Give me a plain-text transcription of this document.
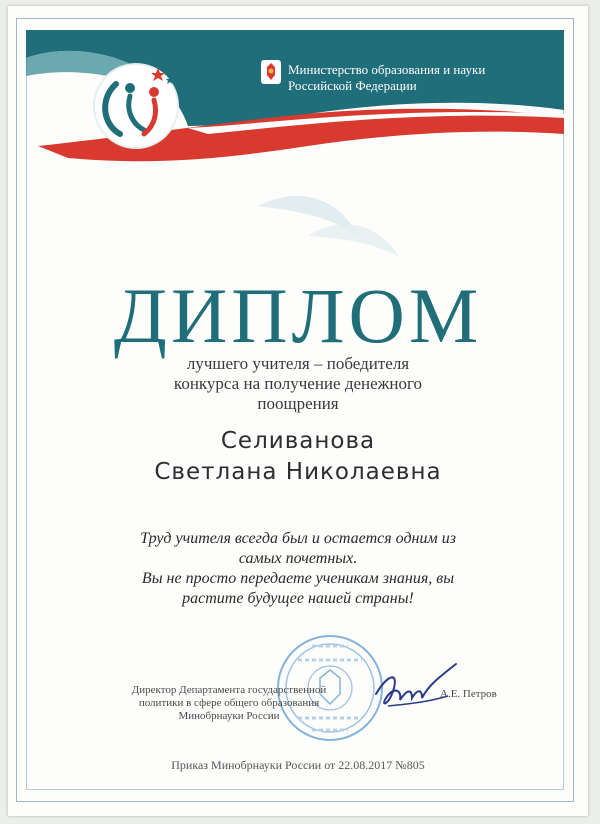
Министерство образования и науки
Российской Федерации
ДИПЛОМ
лучшего учителя – победителя
конкурса на получение денежного
поощрения
Селиванова
Светлана Николаевна
Труд учителя всегда был и остается одним из
самых почетных.
Вы не просто передаете ученикам знания, вы
растите будущее нашей страны!
Директор Департамента государственной
политики в сфере общего образования
Минобрнауки России
А.Е. Петров
Приказ Минобрнауки России от 22.08.2017 №805
